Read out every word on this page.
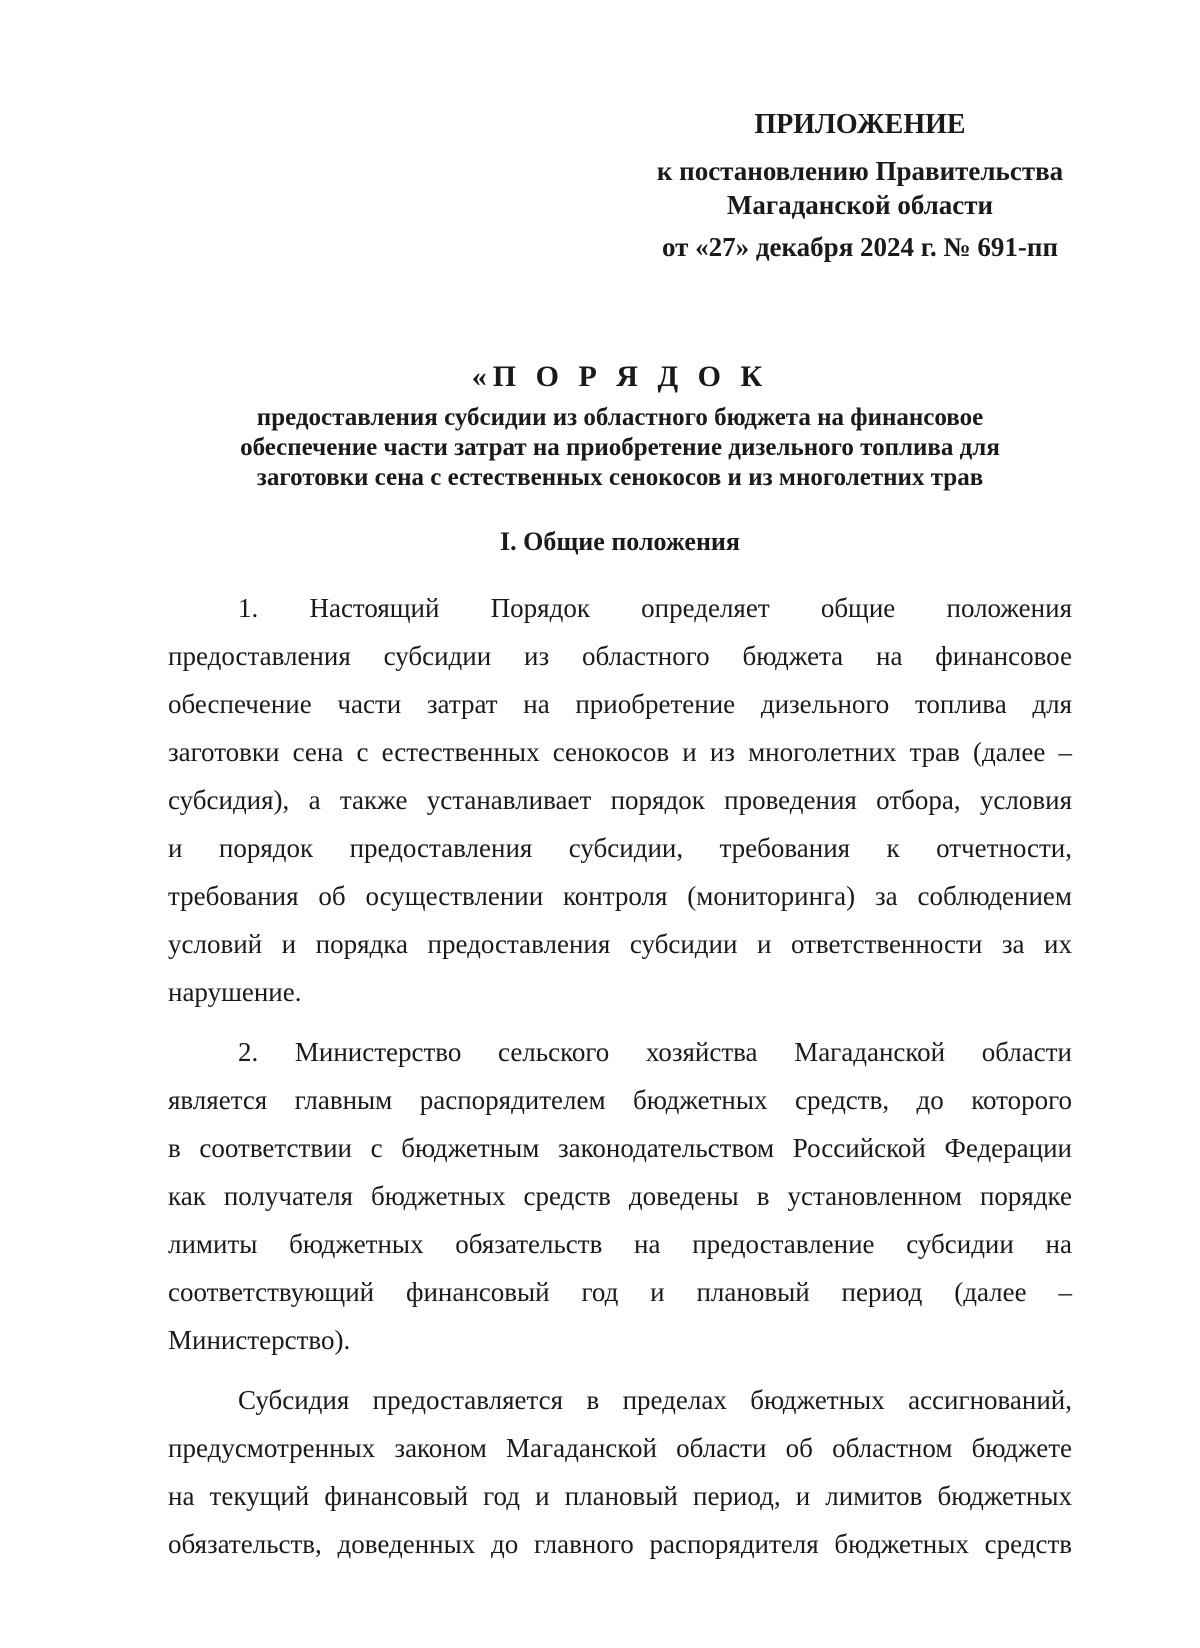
ПРИЛОЖЕНИЕ
к постановлению Правительства
Магаданской области
от «27» декабря 2024 г. № 691-пп
«П О Р Я Д О К
предоставления субсидии из областного бюджета на финансовое
обеспечение части затрат на приобретение дизельного топлива для
заготовки сена с естественных сенокосов и из многолетних трав
I. Общие положения
1. Настоящий Порядок определяет общие положения
предоставления субсидии из областного бюджета на финансовое
обеспечение части затрат на приобретение дизельного топлива для
заготовки сена с естественных сенокосов и из многолетних трав (далее –
субсидия), а также устанавливает порядок проведения отбора, условия
и порядок предоставления субсидии, требования к отчетности,
требования об осуществлении контроля (мониторинга) за соблюдением
условий и порядка предоставления субсидии и ответственности за их
нарушение.
2. Министерство сельского хозяйства Магаданской области
является главным распорядителем бюджетных средств, до которого
в соответствии с бюджетным законодательством Российской Федерации
как получателя бюджетных средств доведены в установленном порядке
лимиты бюджетных обязательств на предоставление субсидии на
соответствующий финансовый год и плановый период (далее –
Министерство).
Субсидия предоставляется в пределах бюджетных ассигнований,
предусмотренных законом Магаданской области об областном бюджете
на текущий финансовый год и плановый период, и лимитов бюджетных
обязательств, доведенных до главного распорядителя бюджетных средств
